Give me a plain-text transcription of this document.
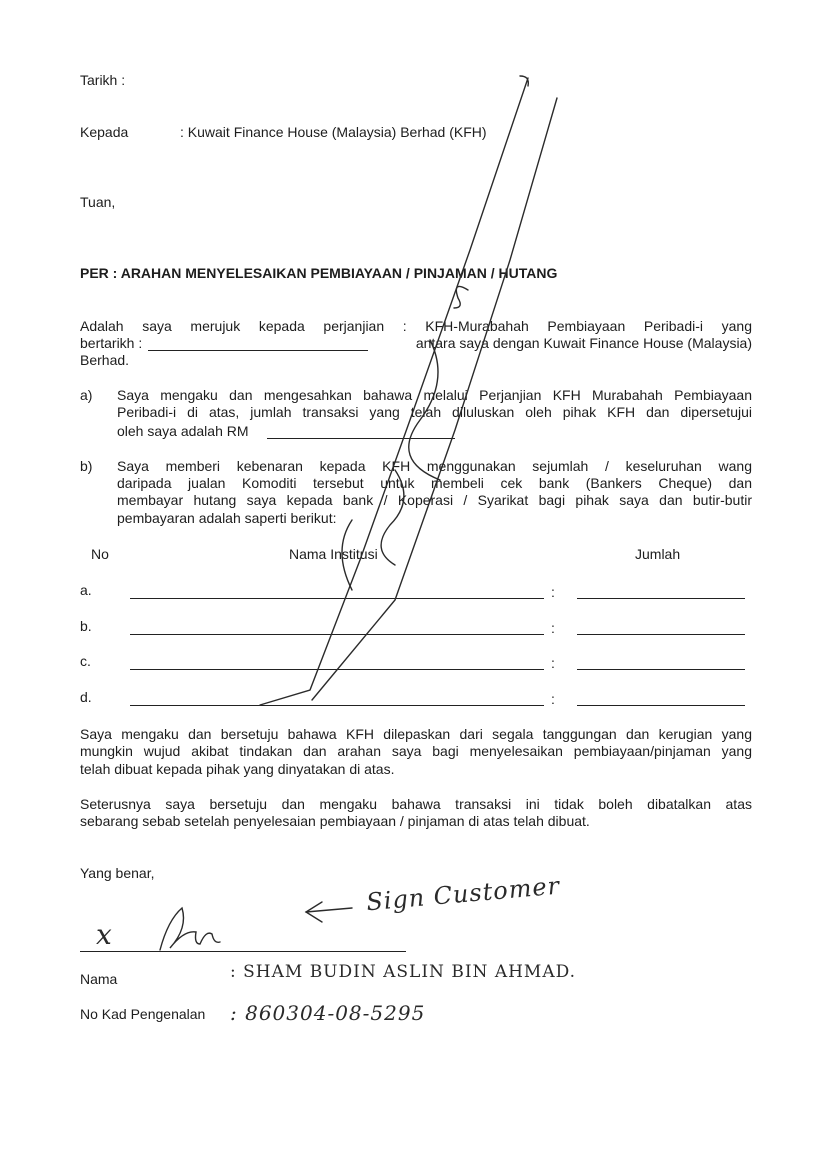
Tarikh :
Kepada	: Kuwait Finance House (Malaysia) Berhad (KFH)
Tuan,
PER : ARAHAN MENYELESAIKAN PEMBIAYAAN / PINJAMAN / HUTANG
Adalah saya merujuk kepada perjanjian : KFH-Murabahah Pembiayaan Peribadi-i yang
bertarikh :	antara saya dengan Kuwait Finance House (Malaysia)
Berhad.
a) Saya mengaku dan mengesahkan bahawa melalui Perjanjian KFH Murabahah Pembiayaan
Peribadi-i di atas, jumlah transaksi yang telah diluluskan oleh pihak KFH dan dipersetujui
oleh saya adalah RM
b) Saya memberi kebenaran kepada KFH menggunakan sejumlah / keseluruhan wang
daripada jualan Komoditi tersebut untuk membeli cek bank (Bankers Cheque) dan
membayar hutang saya kepada bank / Koperasi / Syarikat bagi pihak saya dan butir-butir
pembayaran adalah saperti berikut:
No	Nama Institusi	Jumlah
a.	:
b.	:
c.	:
d.	:
Saya mengaku dan bersetuju bahawa KFH dilepaskan dari segala tanggungan dan kerugian yang
mungkin wujud akibat tindakan dan arahan saya bagi menyelesaikan pembiayaan/pinjaman yang
telah dibuat kepada pihak yang dinyatakan di atas.
Seterusnya saya bersetuju dan mengaku bahawa transaksi ini tidak boleh dibatalkan atas
sebarang sebab setelah penyelesaian pembiayaan / pinjaman di atas telah dibuat.
Yang benar,
x
Sign Customer
Nama	: SHAM BUDIN ASLIN BIN AHMAD.
No Kad Pengenalan : 860304-08-5295
